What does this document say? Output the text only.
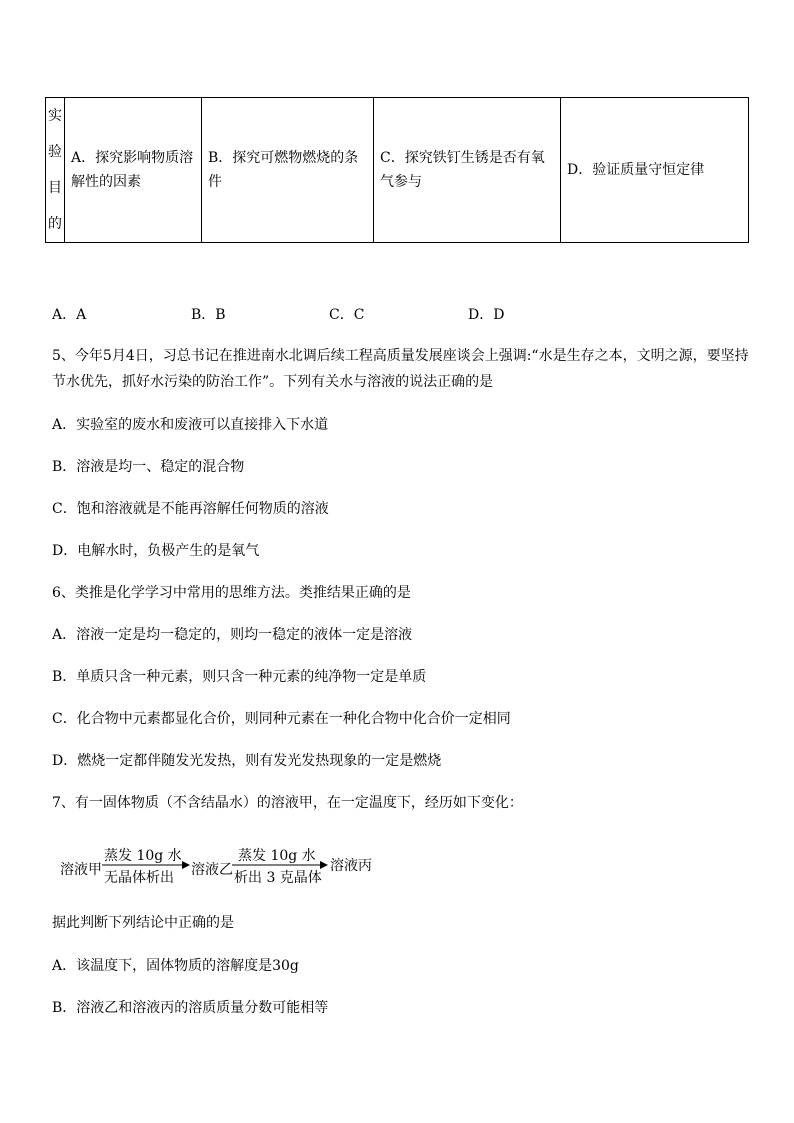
实
验
目
的
	A．探究影响物质溶解性的因素	B．探究可燃物燃烧的条件	C．探究铁钉生锈是否有氧气参与	D．验证质量守恒定律
A．A	B．B	C．C	D．D
5、今年5月4日，习总书记在推进南水北调后续工程高质量发展座谈会上强调:“水是生存之本，文明之源，要坚持节水优先，抓好水污染的防治工作”。下列有关水与溶液的说法正确的是
A．实验室的废水和废液可以直接排入下水道
B．溶液是均一、稳定的混合物
C．饱和溶液就是不能再溶解任何物质的溶液
D．电解水时，负极产生的是氧气
6、类推是化学学习中常用的思维方法。类推结果正确的是
A．溶液一定是均一稳定的，则均一稳定的液体一定是溶液
B．单质只含一种元素，则只含一种元素的纯净物一定是单质
C．化合物中元素都显化合价，则同种元素在一种化合物中化合价一定相同
D．燃烧一定都伴随发光发热，则有发光发热现象的一定是燃烧
7、有一固体物质（不含结晶水）的溶液甲，在一定温度下，经历如下变化：
溶液甲
蒸发 10g 水
无晶体析出 溶液乙
蒸发 10g 水
析出 3 克晶体
溶液丙
据此判断下列结论中正确的是
A．该温度下，固体物质的溶解度是30g
B．溶液乙和溶液丙的溶质质量分数可能相等
